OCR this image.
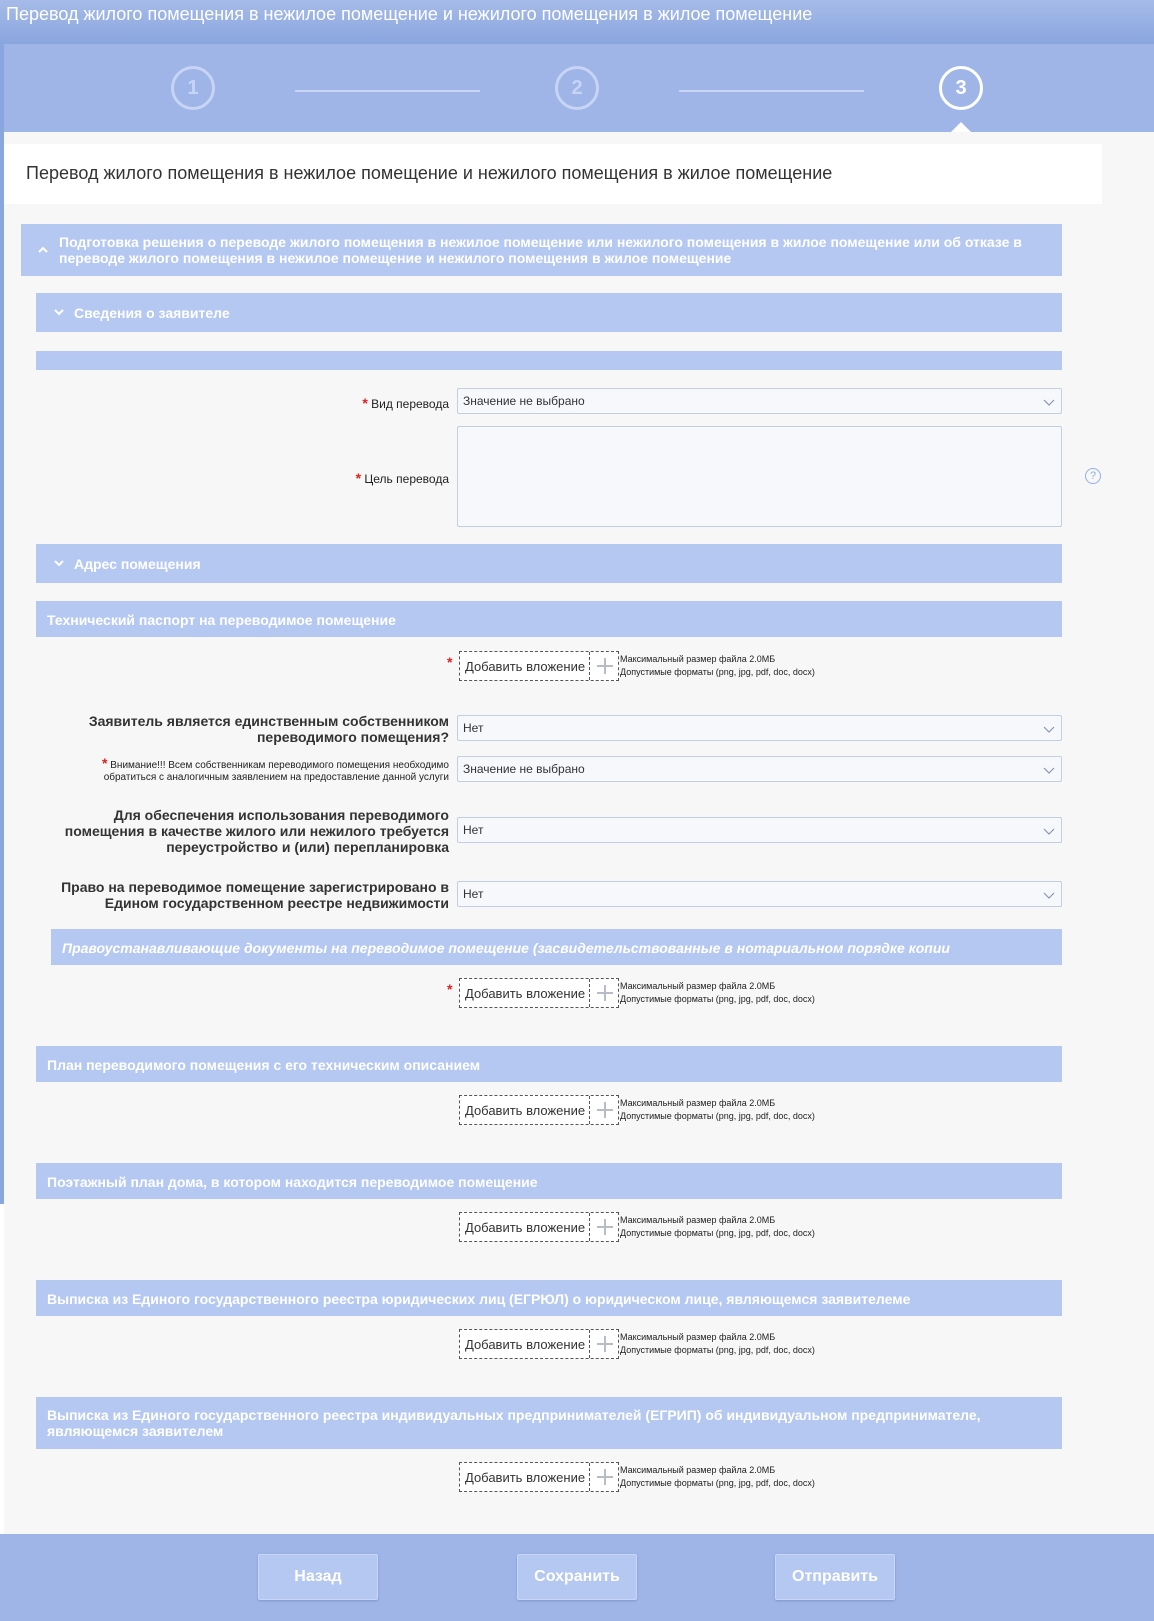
Перевод жилого помещения в нежилое помещение и нежилого помещения в жилое помещение
1	2	3
Перевод жилого помещения в нежилое помещение и нежилого помещения в жилое помещение
Подготовка решения о переводе жилого помещения в нежилое помещение или нежилого помещения в жилое помещение или об отказе в переводе жилого помещения в нежилое помещение и нежилого помещения в жилое помещение
Сведения о заявителе
* Вид перевода Значение не выбрано
* Цель перевода	?
Адрес помещения
Технический паспорт на переводимое помещение
* Добавить вложение	Максимальный размер файла 2.0МБ
Допустимые форматы (png, jpg, pdf, doc, docx)
Заявитель является единственным собственником переводимого помещения?
Нет
* Внимание!!! Всем собственникам переводимого помещения необходимо обратиться с аналогичным заявлением на предоставление данной услуги
Значение не выбрано
Для обеспечения использования переводимого помещения в качестве жилого или нежилого требуется переустройство и (или) перепланировка
Нет
Право на переводимое помещение зарегистрировано в Едином государственном реестре недвижимости
Нет
Правоустанавливающие документы на переводимое помещение (засвидетельствованные в нотариальном порядке копии
* Добавить вложение	Максимальный размер файла 2.0МБ
Допустимые форматы (png, jpg, pdf, doc, docx)
План переводимого помещения с его техническим описанием
Добавить вложение	Максимальный размер файла 2.0МБ
Допустимые форматы (png, jpg, pdf, doc, docx)
Поэтажный план дома, в котором находится переводимое помещение
Добавить вложение	Максимальный размер файла 2.0МБ
Допустимые форматы (png, jpg, pdf, doc, docx)
Выписка из Единого государственного реестра юридических лиц (ЕГРЮЛ) о юридическом лице, являющемся заявителеме
Добавить вложение	Максимальный размер файла 2.0МБ
Допустимые форматы (png, jpg, pdf, doc, docx)
Выписка из Единого государственного реестра индивидуальных предпринимателей (ЕГРИП) об индивидуальном предпринимателе, являющемся заявителем
Добавить вложение	Максимальный размер файла 2.0МБ
Допустимые форматы (png, jpg, pdf, doc, docx)
Назад	Сохранить	Отправить
